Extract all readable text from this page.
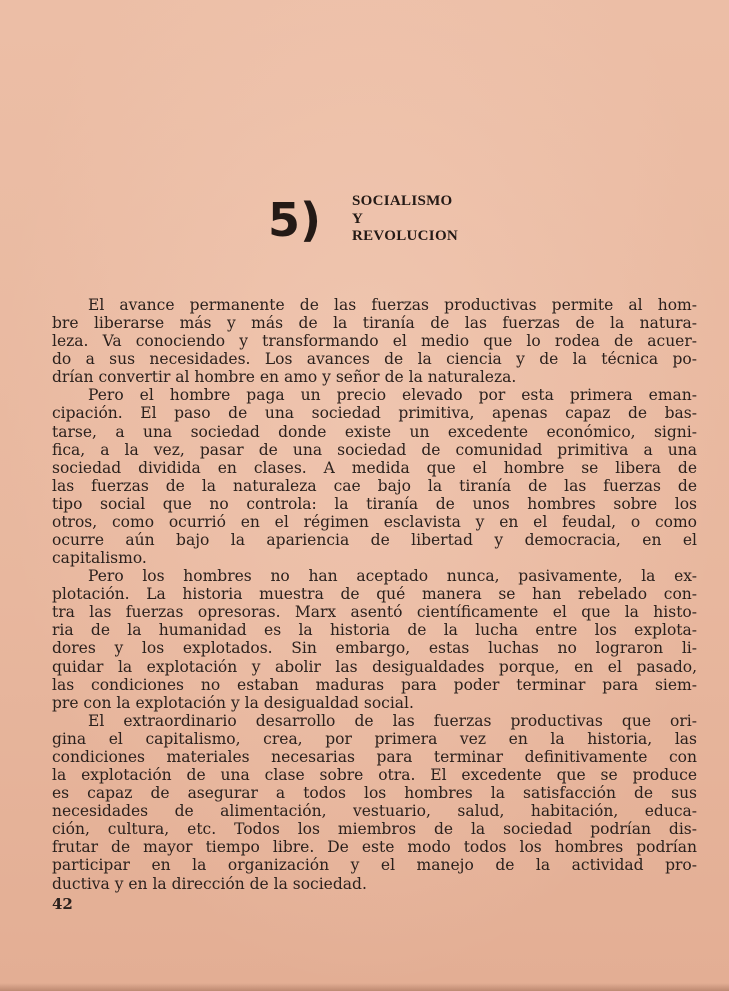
5) SOCIALISMO
Y
REVOLUCION
El avance permanente de las fuerzas productivas permite al hom-
bre liberarse más y más de la tiranía de las fuerzas de la natura-
leza. Va conociendo y transformando el medio que lo rodea de acuer-
do a sus necesidades. Los avances de la ciencia y de la técnica po-
drían convertir al hombre en amo y señor de la naturaleza.
Pero el hombre paga un precio elevado por esta primera eman-
cipación. El paso de una sociedad primitiva, apenas capaz de bas-
tarse, a una sociedad donde existe un excedente económico, signi-
fica, a la vez, pasar de una sociedad de comunidad primitiva a una
sociedad dividida en clases. A medida que el hombre se libera de
las fuerzas de la naturaleza cae bajo la tiranía de las fuerzas de
tipo social que no controla: la tiranía de unos hombres sobre los
otros, como ocurrió en el régimen esclavista y en el feudal, o como
ocurre aún bajo la apariencia de libertad y democracia, en el
capitalismo.
Pero los hombres no han aceptado nunca, pasivamente, la ex-
plotación. La historia muestra de qué manera se han rebelado con-
tra las fuerzas opresoras. Marx asentó científicamente el que la histo-
ria de la humanidad es la historia de la lucha entre los explota-
dores y los explotados. Sin embargo, estas luchas no lograron li-
quidar la explotación y abolir las desigualdades porque, en el pasado,
las condiciones no estaban maduras para poder terminar para siem-
pre con la explotación y la desigualdad social.
El extraordinario desarrollo de las fuerzas productivas que ori-
gina el capitalismo, crea, por primera vez en la historia, las
condiciones materiales necesarias para terminar definitivamente con
la explotación de una clase sobre otra. El excedente que se produce
es capaz de asegurar a todos los hombres la satisfacción de sus
necesidades de alimentación, vestuario, salud, habitación, educa-
ción, cultura, etc. Todos los miembros de la sociedad podrían dis-
frutar de mayor tiempo libre. De este modo todos los hombres podrían
participar en la organización y el manejo de la actividad pro-
ductiva y en la dirección de la sociedad.
42
